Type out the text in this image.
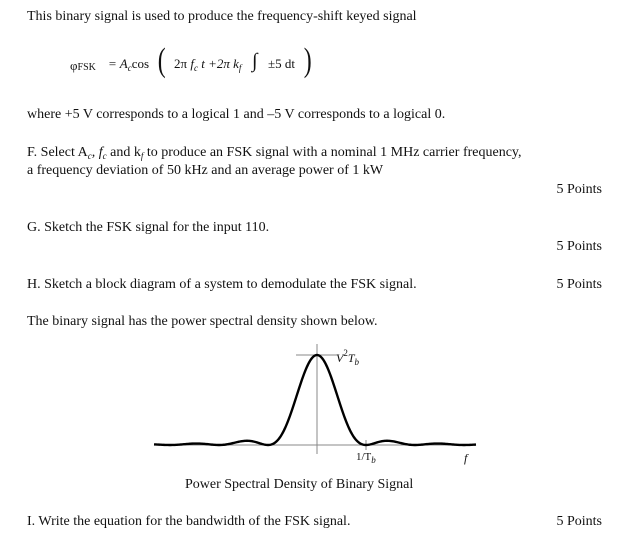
This binary signal is used to produce the frequency-shift keyed signal
$\varphi FSK = A_c\cos$ ( 2π $f_c$ t +2π $k_f$ ∫ ±5 dt )
where +5 V corresponds to a logical 1 and –5 V corresponds to a logical 0.
F. Select $A_c$, $f_c$ and $k_f$ to produce an FSK signal with a nominal 1 MHz carrier frequency,
a frequency deviation of 50 kHz and an average power of 1 kW
5 Points
G. Sketch the FSK signal for the input 110.
5 Points
H. Sketch a block diagram of a system to demodulate the FSK signal.	5 Points
The binary signal has the power spectral density shown below.
$V^2T_b$
$1/T_b$	f
Power Spectral Density of Binary Signal
I. Write the equation for the bandwidth of the FSK signal.	5 Points
